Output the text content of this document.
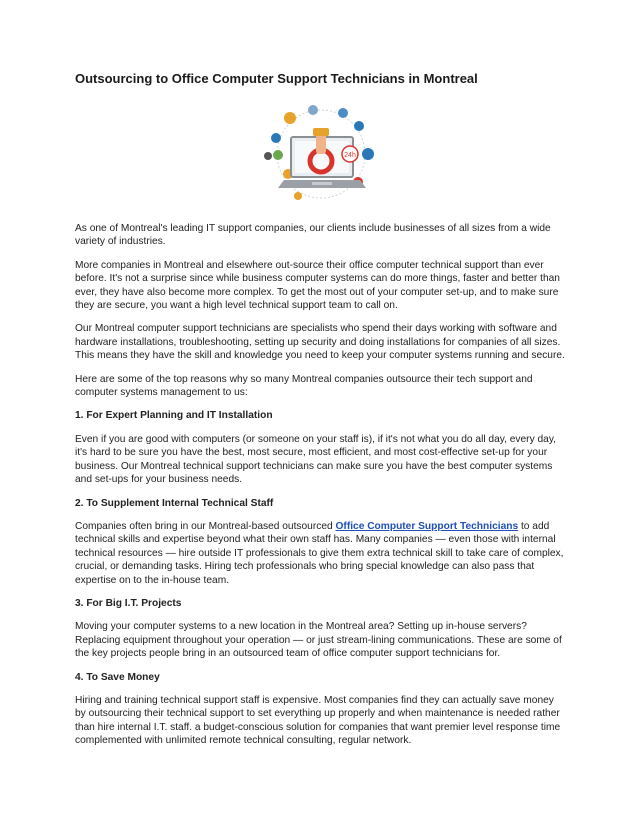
Outsourcing to Office Computer Support Technicians in Montreal
24h

As one of Montreal's leading IT support companies, our clients include businesses of all sizes from a wide variety of industries.

More companies in Montreal and elsewhere out-source their office computer technical support than ever before. It's not a surprise since while business computer systems can do more things, faster and better than ever, they have also become more complex. To get the most out of your computer set-up, and to make sure they are secure, you want a high level technical support team to call on.

Our Montreal computer support technicians are specialists who spend their days working with software and hardware installations, troubleshooting, setting up security and doing installations for companies of all sizes. This means they have the skill and knowledge you need to keep your computer systems running and secure.

Here are some of the top reasons why so many Montreal companies outsource their tech support and computer systems management to us:

1. For Expert Planning and IT Installation

Even if you are good with computers (or someone on your staff is), if it's not what you do all day, every day, it's hard to be sure you have the best, most secure, most efficient, and most cost-effective set-up for your business. Our Montreal technical support technicians can make sure you have the best computer systems and set-ups for your business needs.

2. To Supplement Internal Technical Staff

Companies often bring in our Montreal-based outsourced Office Computer Support Technicians to add technical skills and expertise beyond what their own staff has. Many companies — even those with internal technical resources — hire outside IT professionals to give them extra technical skill to take care of complex, crucial, or demanding tasks. Hiring tech professionals who bring special knowledge can also pass that expertise on to the in-house team.

3. For Big I.T. Projects

Moving your computer systems to a new location in the Montreal area? Setting up in-house servers? Replacing equipment throughout your operation — or just stream-lining communications. These are some of the key projects people bring in an outsourced team of office computer support technicians for.

4. To Save Money

Hiring and training technical support staff is expensive. Most companies find they can actually save money by outsourcing their technical support to set everything up properly and when maintenance is needed rather than hire internal I.T. staff. a budget-conscious solution for companies that want premier level response time complemented with unlimited remote technical consulting, regular network.
